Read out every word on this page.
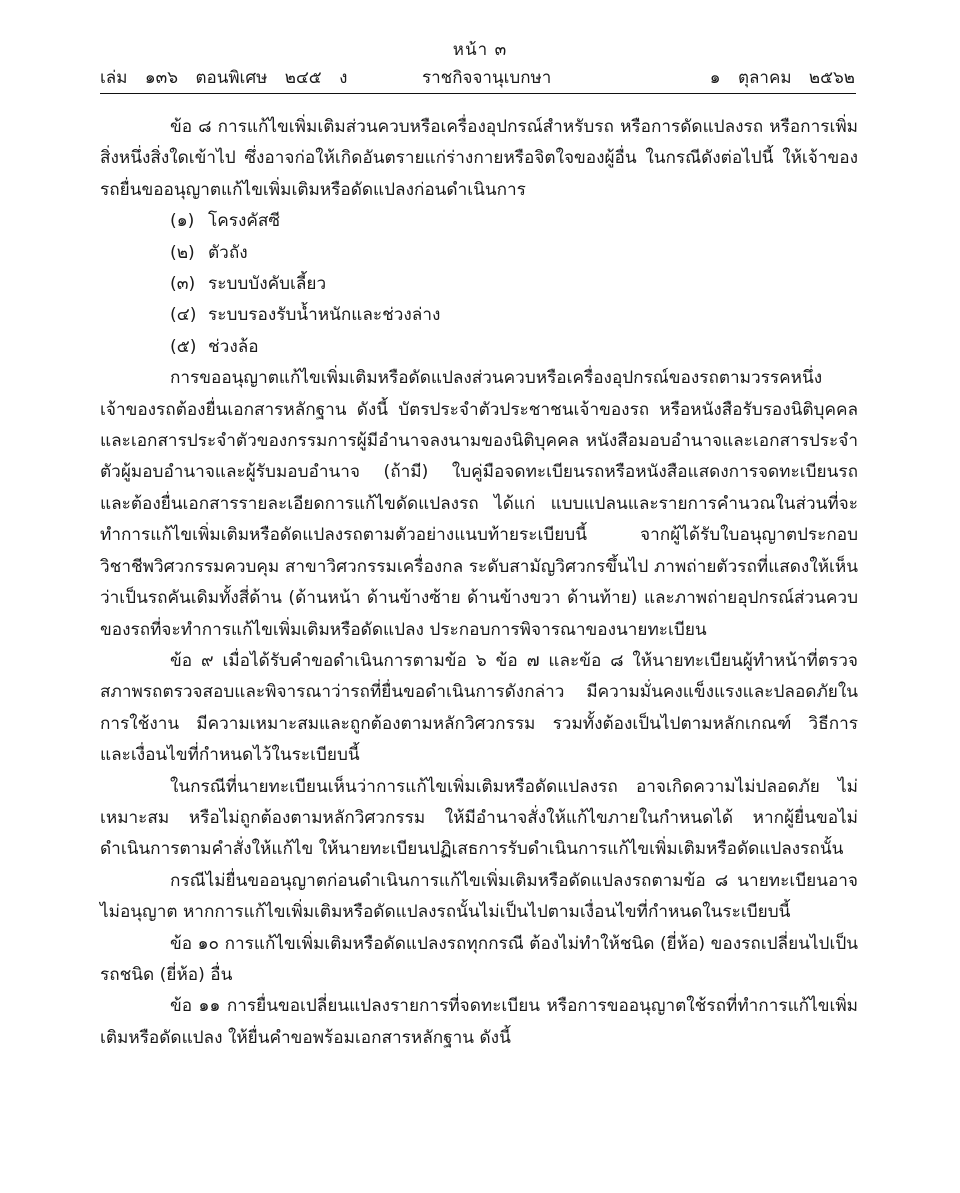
หน้า ๓
เล่ม ๑๓๖ ตอนพิเศษ ๒๔๕ ง	ราชกิจจานุเบกษา	๑ ตุลาคม ๒๕๖๒

ข้อ ๘ การแก้ไขเพิ่มเติมส่วนควบหรือเครื่องอุปกรณ์สำหรับรถ หรือการดัดแปลงรถ หรือการเพิ่มสิ่งหนึ่งสิ่งใดเข้าไป ซึ่งอาจก่อให้เกิดอันตรายแก่ร่างกายหรือจิตใจของผู้อื่น ในกรณีดังต่อไปนี้ ให้เจ้าของรถยื่นขออนุญาตแก้ไขเพิ่มเติมหรือดัดแปลงก่อนดำเนินการ

(๑) โครงคัสซี
(๒) ตัวถัง
(๓) ระบบบังคับเลี้ยว
(๔) ระบบรองรับน้ำหนักและช่วงล่าง
(๕) ช่วงล้อ

การขออนุญาตแก้ไขเพิ่มเติมหรือดัดแปลงส่วนควบหรือเครื่องอุปกรณ์ของรถตามวรรคหนึ่ง เจ้าของรถต้องยื่นเอกสารหลักฐาน ดังนี้ บัตรประจำตัวประชาชนเจ้าของรถ หรือหนังสือรับรองนิติบุคคลและเอกสารประจำตัวของกรรมการผู้มีอำนาจลงนามของนิติบุคคล หนังสือมอบอำนาจและเอกสารประจำตัวผู้มอบอำนาจและผู้รับมอบอำนาจ (ถ้ามี) ใบคู่มือจดทะเบียนรถหรือหนังสือแสดงการจดทะเบียนรถ และต้องยื่นเอกสารรายละเอียดการแก้ไขดัดแปลงรถ ได้แก่ แบบแปลนและรายการคำนวณในส่วนที่จะทำการแก้ไขเพิ่มเติมหรือดัดแปลงรถตามตัวอย่างแนบท้ายระเบียบนี้ จากผู้ได้รับใบอนุญาตประกอบวิชาชีพวิศวกรรมควบคุม สาขาวิศวกรรมเครื่องกล ระดับสามัญวิศวกรขึ้นไป ภาพถ่ายตัวรถที่แสดงให้เห็นว่าเป็นรถคันเดิมทั้งสี่ด้าน (ด้านหน้า ด้านข้างซ้าย ด้านข้างขวา ด้านท้าย) และภาพถ่ายอุปกรณ์ส่วนควบของรถที่จะทำการแก้ไขเพิ่มเติมหรือดัดแปลง ประกอบการพิจารณาของนายทะเบียน

ข้อ ๙ เมื่อได้รับคำขอดำเนินการตามข้อ ๖ ข้อ ๗ และข้อ ๘ ให้นายทะเบียนผู้ทำหน้าที่ตรวจสภาพรถตรวจสอบและพิจารณาว่ารถที่ยื่นขอดำเนินการดังกล่าว มีความมั่นคงแข็งแรงและปลอดภัยในการใช้งาน มีความเหมาะสมและถูกต้องตามหลักวิศวกรรม รวมทั้งต้องเป็นไปตามหลักเกณฑ์ วิธีการ และเงื่อนไขที่กำหนดไว้ในระเบียบนี้

ในกรณีที่นายทะเบียนเห็นว่าการแก้ไขเพิ่มเติมหรือดัดแปลงรถ อาจเกิดความไม่ปลอดภัย ไม่เหมาะสม หรือไม่ถูกต้องตามหลักวิศวกรรม ให้มีอำนาจสั่งให้แก้ไขภายในกำหนดได้ หากผู้ยื่นขอไม่ดำเนินการตามคำสั่งให้แก้ไข ให้นายทะเบียนปฏิเสธการรับดำเนินการแก้ไขเพิ่มเติมหรือดัดแปลงรถนั้น

กรณีไม่ยื่นขออนุญาตก่อนดำเนินการแก้ไขเพิ่มเติมหรือดัดแปลงรถตามข้อ ๘ นายทะเบียนอาจไม่อนุญาต หากการแก้ไขเพิ่มเติมหรือดัดแปลงรถนั้นไม่เป็นไปตามเงื่อนไขที่กำหนดในระเบียบนี้

ข้อ ๑๐ การแก้ไขเพิ่มเติมหรือดัดแปลงรถทุกกรณี ต้องไม่ทำให้ชนิด (ยี่ห้อ) ของรถเปลี่ยนไปเป็นรถชนิด (ยี่ห้อ) อื่น

ข้อ ๑๑ การยื่นขอเปลี่ยนแปลงรายการที่จดทะเบียน หรือการขออนุญาตใช้รถที่ทำการแก้ไขเพิ่มเติมหรือดัดแปลง ให้ยื่นคำขอพร้อมเอกสารหลักฐาน ดังนี้
